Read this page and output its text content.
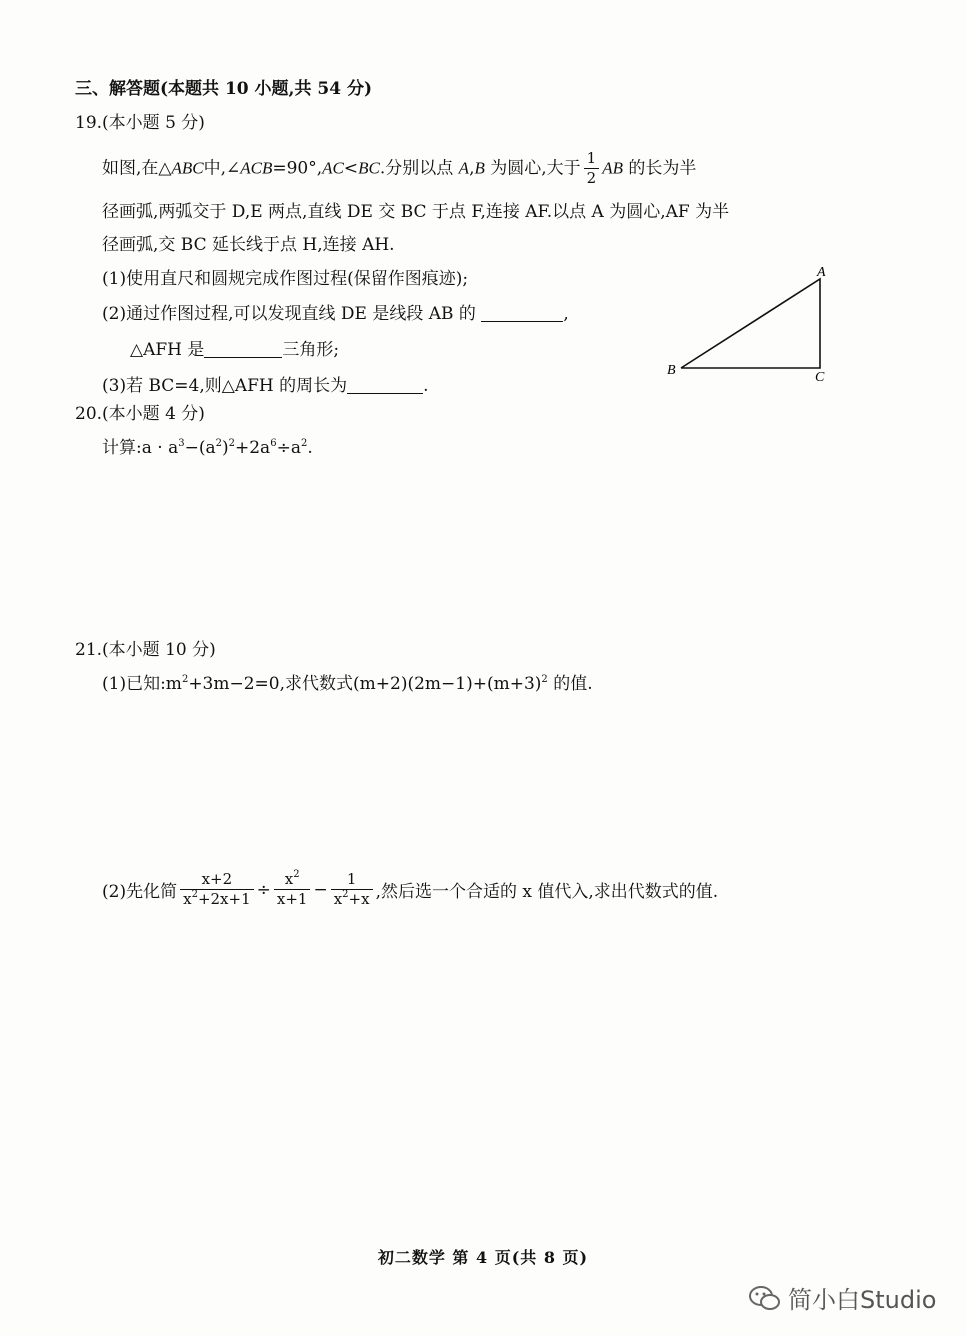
三、解答题(本题共 10 小题,共 54 分)
19.(本小题 5 分)
如图,在△ABC中,∠ACB=90°,AC<BC.分别以点 A,B 为圆心,大于 $\frac{1}{2}$ AB 的长为半
径画弧,两弧交于 D,E 两点,直线 DE 交 BC 于点 F,连接 AF.以点 A 为圆心,AF 为半
径画弧,交 BC 延长线于点 H,连接 AH.
(1)使用直尺和圆规完成作图过程(保留作图痕迹);
(2)通过作图过程,可以发现直线 DE 是线段 AB 的	,
△AFH 是	三角形;
(3)若 BC=4,则△AFH 的周长为	.
A
B	C
20.(本小题 4 分)
计算:a · $a^3-(a^2)^2+2a^6\div a^2$.
21.(本小题 10 分)
(1)已知$:m^2+3m-2=0$,求代数式$(m+2)(2m-1)+(m+3)^2$ 的值.
(2)先化简 $\frac{x+2}{x^2+2x+1} \div \frac{x^2}{x+1} - \frac{1}{x^2+x}$ ,然后选一个合适的 x 值代入,求出代数式的值.
初二数学 第 4 页(共 8 页)
简小白Studio
